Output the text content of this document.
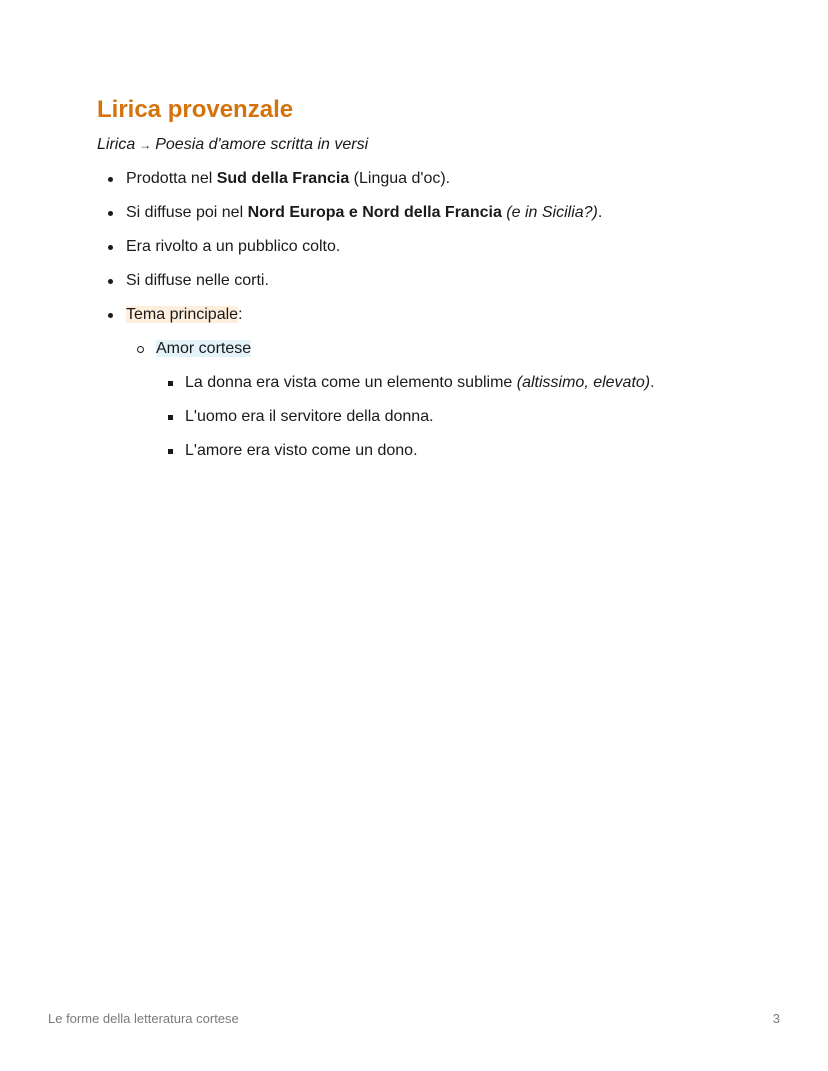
Lirica provenzale

Lirica → Poesia d'amore scritta in versi

Prodotta nel Sud della Francia (Lingua d'oc).
Si diffuse poi nel Nord Europa e Nord della Francia (e in Sicilia?).
Era rivolto a un pubblico colto.
Si diffuse nelle corti.
Tema principale:
Amor cortese
La donna era vista come un elemento sublime (altissimo, elevato).
L'uomo era il servitore della donna.
L'amore era visto come un dono.
Le forme della letteratura cortese	3
